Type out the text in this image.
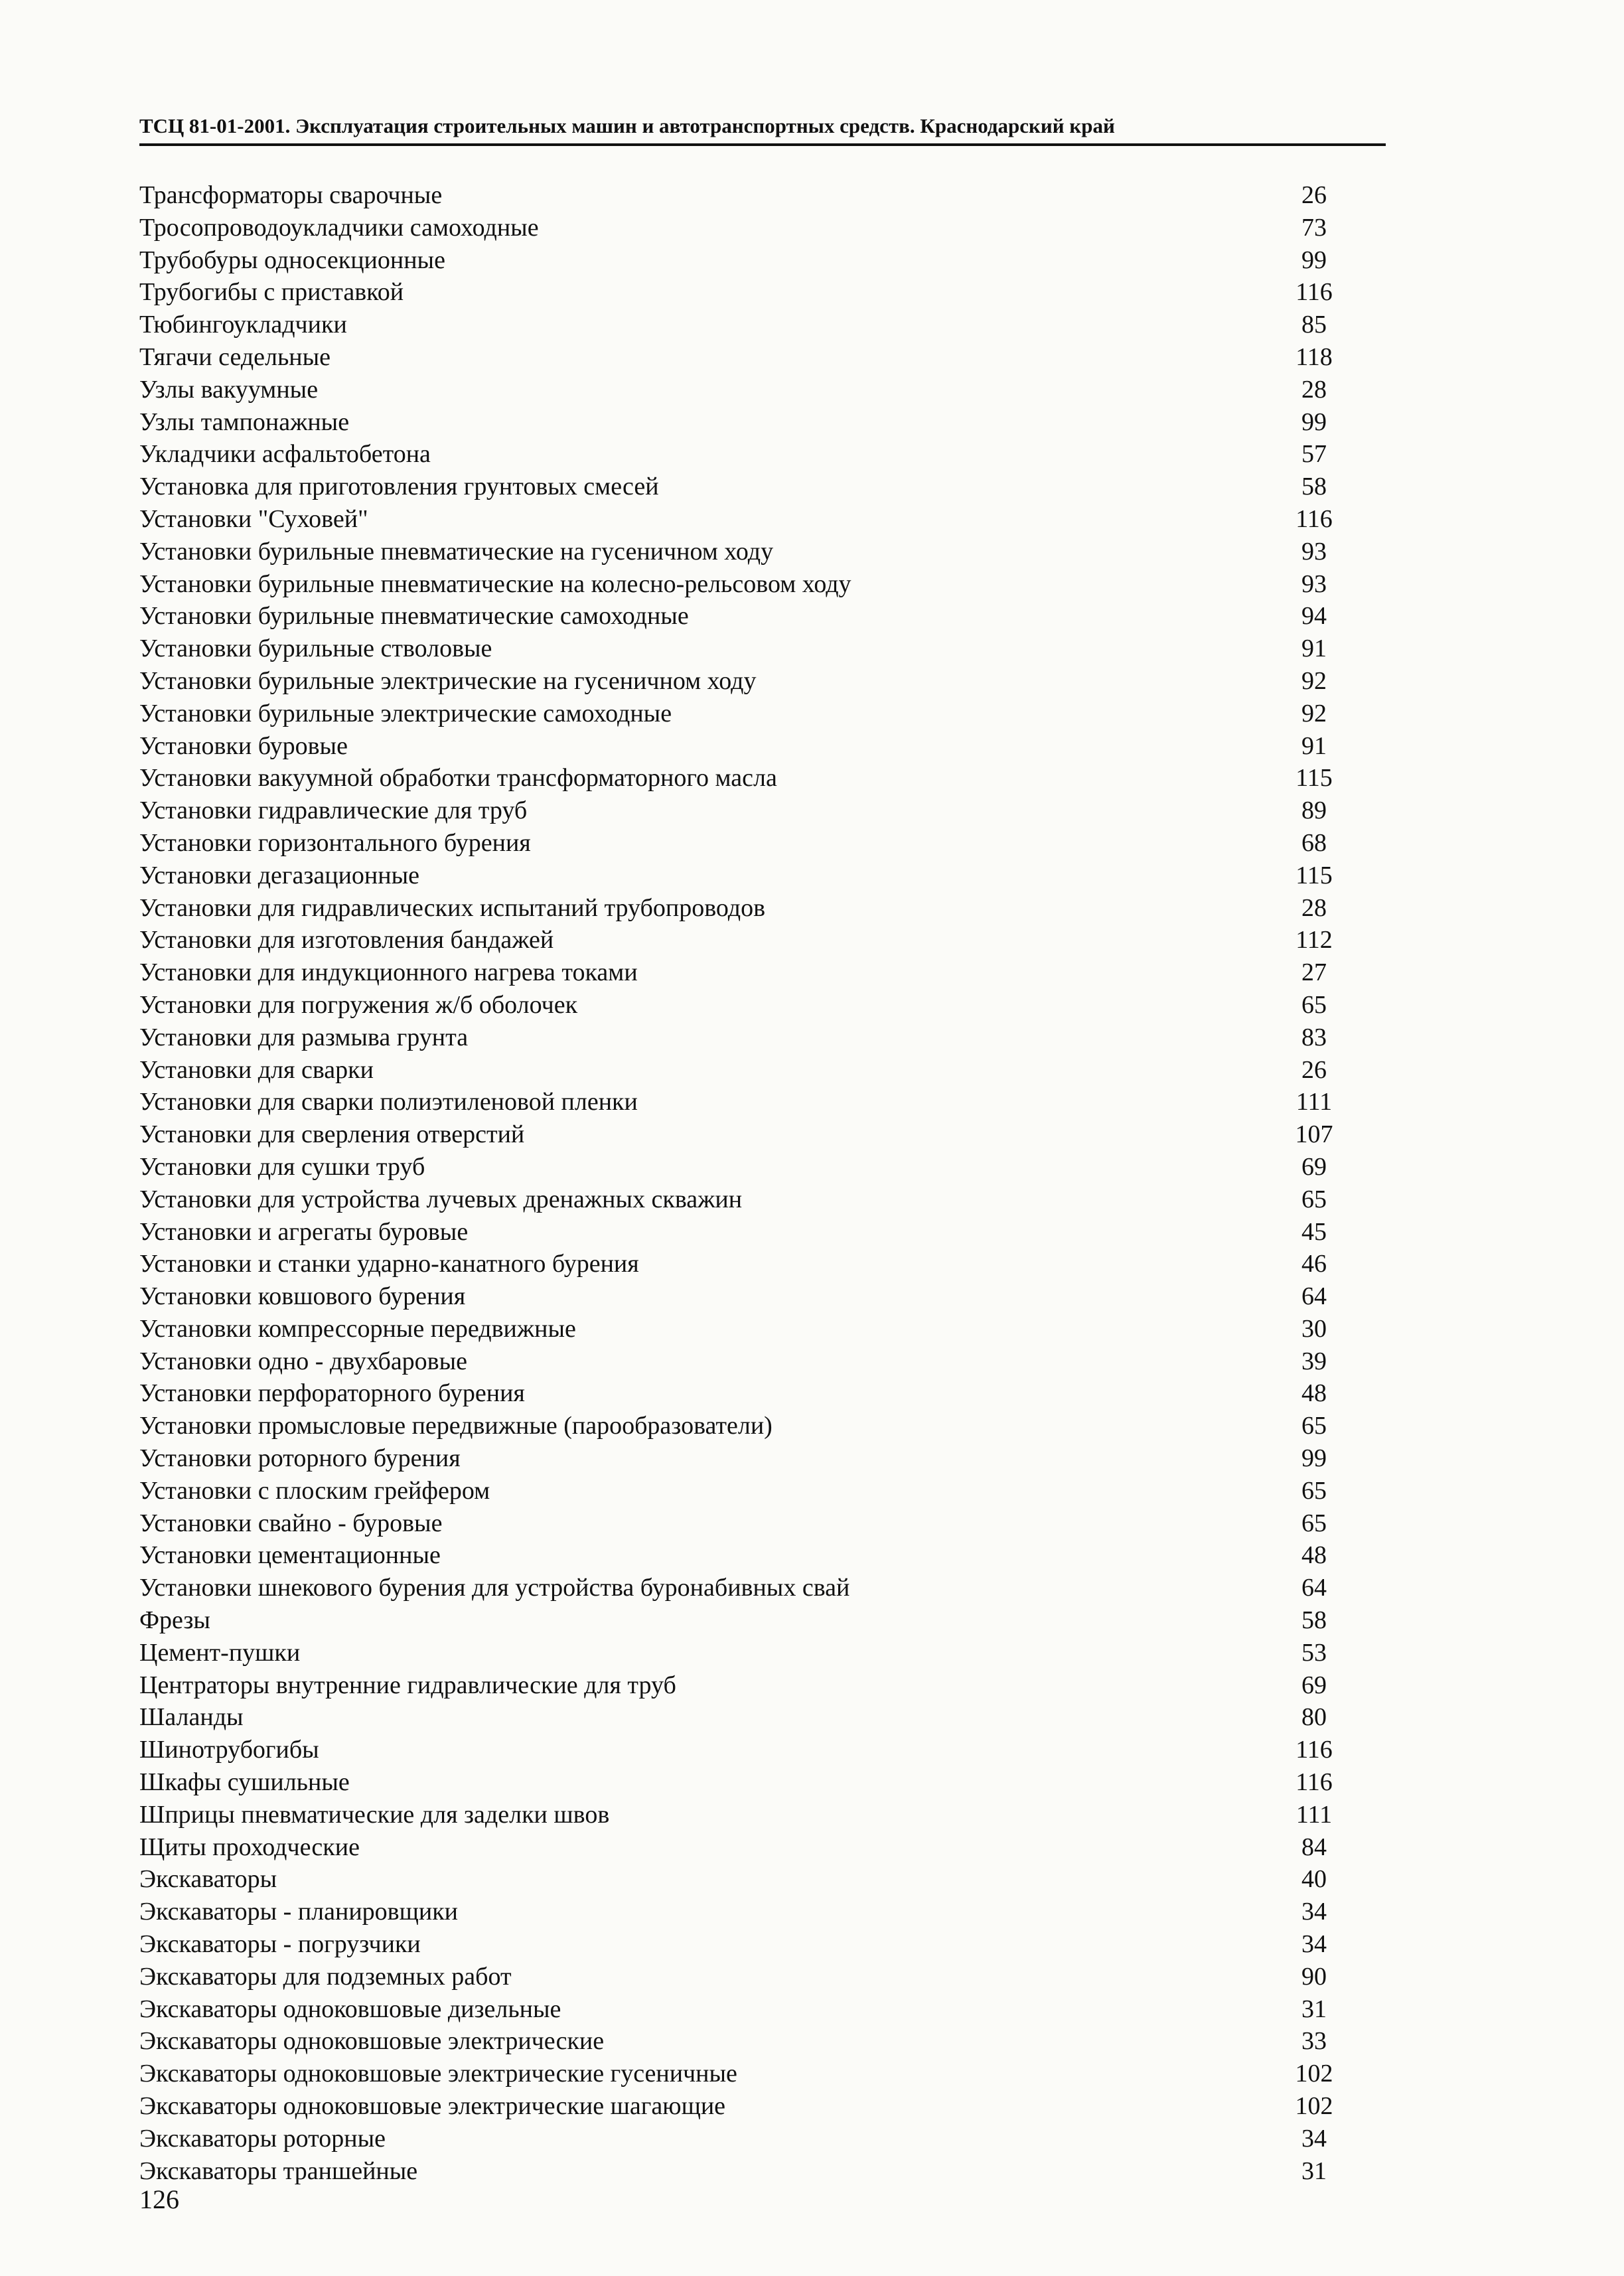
ТСЦ 81-01-2001. Эксплуатация строительных машин и автотранспортных средств. Краснодарский край
Трансформаторы сварочные	26
Тросопроводоукладчики самоходные	73
Трубобуры односекционные	99
Трубогибы с приставкой	116
Тюбингоукладчики	85
Тягачи седельные	118
Узлы вакуумные	28
Узлы тампонажные	99
Укладчики асфальтобетона	57
Установка для приготовления грунтовых смесей	58
Установки "Суховей"	116
Установки бурильные пневматические на гусеничном ходу	93
Установки бурильные пневматические на колесно-рельсовом ходу	93
Установки бурильные пневматические самоходные	94
Установки бурильные стволовые	91
Установки бурильные электрические на гусеничном ходу	92
Установки бурильные электрические самоходные	92
Установки буровые	91
Установки вакуумной обработки трансформаторного масла	115
Установки гидравлические для труб	89
Установки горизонтального бурения	68
Установки дегазационные	115
Установки для гидравлических испытаний трубопроводов	28
Установки для изготовления бандажей	112
Установки для индукционного нагрева токами	27
Установки для погружения ж/б оболочек	65
Установки для размыва грунта	83
Установки для сварки	26
Установки для сварки полиэтиленовой пленки	111
Установки для сверления отверстий	107
Установки для сушки труб	69
Установки для устройства лучевых дренажных скважин	65
Установки и агрегаты буровые	45
Установки и станки ударно-канатного бурения	46
Установки ковшового бурения	64
Установки компрессорные передвижные	30
Установки одно - двухбаровые	39
Установки перфораторного бурения	48
Установки промысловые передвижные (парообразователи)	65
Установки роторного бурения	99
Установки с плоским грейфером	65
Установки свайно - буровые	65
Установки цементационные	48
Установки шнекового бурения для устройства буронабивных свай	64
Фрезы	58
Цемент-пушки	53
Центраторы внутренние гидравлические для труб	69
Шаланды	80
Шинотрубогибы	116
Шкафы сушильные	116
Шприцы пневматические для заделки швов	111
Щиты проходческие	84
Экскаваторы	40
Экскаваторы - планировщики	34
Экскаваторы - погрузчики	34
Экскаваторы для подземных работ	90
Экскаваторы одноковшовые дизельные	31
Экскаваторы одноковшовые электрические	33
Экскаваторы одноковшовые электрические гусеничные	102
Экскаваторы одноковшовые электрические шагающие	102
Экскаваторы роторные	34
Экскаваторы траншейные	31
126
